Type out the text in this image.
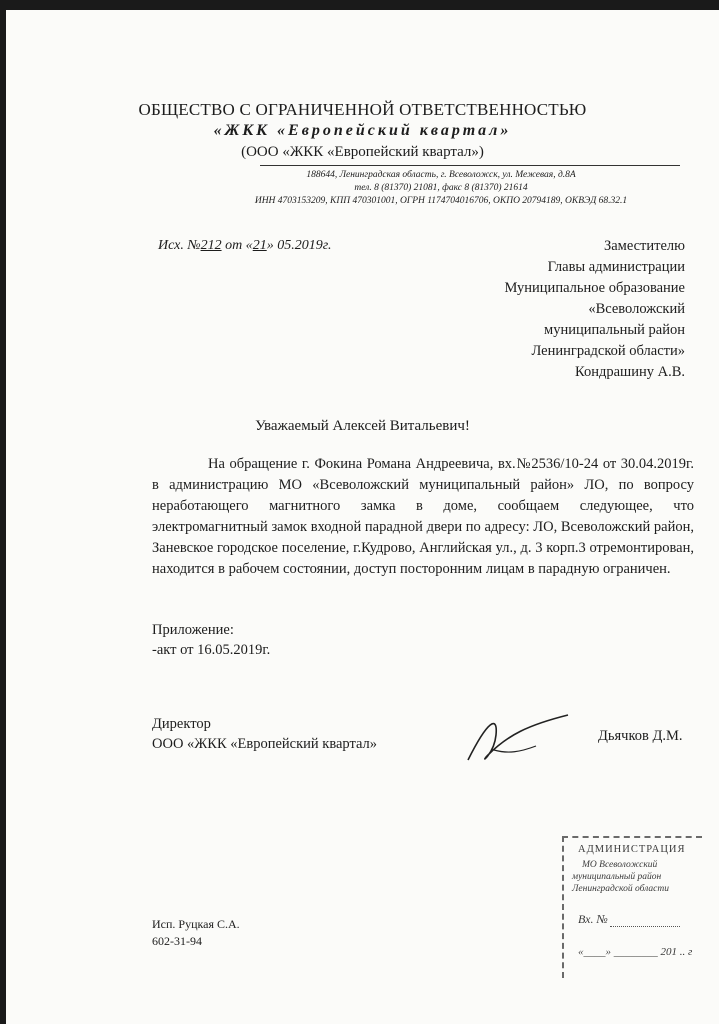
ОБЩЕСТВО С ОГРАНИЧЕННОЙ ОТВЕТСТВЕННОСТЬЮ
«ЖКК «Европейский квартал»
(ООО «ЖКК «Европейский квартал»)
188644, Ленинградская область, г. Всеволожск, ул. Межевая, д.8А
тел. 8 (81370) 21081, факс 8 (81370) 21614
ИНН 4703153209, КПП 470301001, ОГРН 1174704016706, ОКПО 20794189, ОКВЭД 68.32.1
Исх. №212 от «21» 05.2019г.	Заместителю
Главы администрации
Муниципальное образование
«Всеволожский
муниципальный район
Ленинградской области»
Кондрашину А.В.
Уважаемый Алексей Витальевич!

На обращение г. Фокина Романа Андреевича, вх.№2536/10-24 от 30.04.2019г. в администрацию МО «Всеволожский муниципальный район» ЛО, по вопросу неработающего магнитного замка в доме, сообщаем следующее, что электромагнитный замок входной парадной двери по адресу: ЛО, Всеволожский район, Заневское городское поселение, г.Кудрово, Английская ул., д. 3 корп.3 отремонтирован, находится в рабочем состоянии, доступ посторонним лицам в парадную ограничен.

Приложение:
-акт от 16.05.2019г.
Директор
ООО «ЖКК «Европейский квартал»	Дьячков Д.М.
Исп. Руцкая С.А.
602-31-94
АДМИНИСТРАЦИЯ
МО Всеволожский
муниципальный район
Ленинградской области
Вх. №
«____» ________ 201 .. г
